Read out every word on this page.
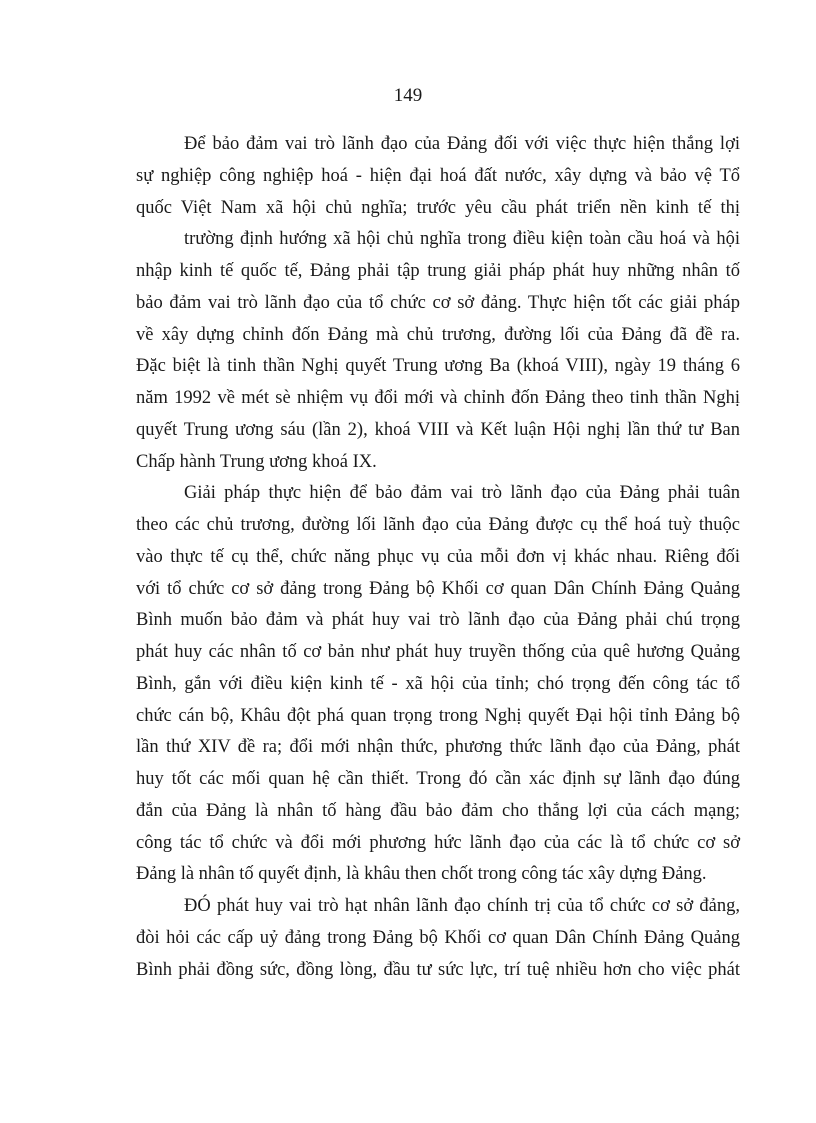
149
Để bảo đảm vai trò lãnh đạo của Đảng đối với việc thực hiện thắng lợi
sự nghiệp công nghiệp hoá - hiện đại hoá đất nước, xây dựng và bảo vệ Tổ
quốc Việt Nam xã hội chủ nghĩa; trước yêu cầu phát triển nền kinh tế thị
trường định hướng xã hội chủ nghĩa trong điều kiện toàn cầu hoá và hội
nhập kinh tế quốc tế, Đảng phải tập trung giải pháp phát huy những nhân tố
bảo đảm vai trò lãnh đạo của tổ chức cơ sở đảng. Thực hiện tốt các giải pháp
về xây dựng chỉnh đốn Đảng mà chủ trương, đường lối của Đảng đã đề ra.
Đặc biệt là tinh thần Nghị quyết Trung ương Ba (khoá VIII), ngày 19 tháng 6
năm 1992 về mét sè nhiệm vụ đổi mới và chỉnh đốn Đảng theo tinh thần Nghị
quyết Trung ương sáu (lần 2), khoá VIII và Kết luận Hội nghị lần thứ tư Ban
Chấp hành Trung ương khoá IX.
Giải pháp thực hiện để bảo đảm vai trò lãnh đạo của Đảng phải tuân
theo các chủ trương, đường lối lãnh đạo của Đảng được cụ thể hoá tuỳ thuộc
vào thực tế cụ thể, chức năng phục vụ của mỗi đơn vị khác nhau. Riêng đối
với tổ chức cơ sở đảng trong Đảng bộ Khối cơ quan Dân Chính Đảng Quảng
Bình muốn bảo đảm và phát huy vai trò lãnh đạo của Đảng phải chú trọng
phát huy các nhân tố cơ bản như phát huy truyền thống của quê hương Quảng
Bình, gắn với điều kiện kinh tế - xã hội của tỉnh; chó trọng đến công tác tổ
chức cán bộ, Khâu đột phá quan trọng trong Nghị quyết Đại hội tỉnh Đảng bộ
lần thứ XIV đề ra; đổi mới nhận thức, phương thức lãnh đạo của Đảng, phát
huy tốt các mối quan hệ cần thiết. Trong đó cần xác định sự lãnh đạo đúng
đắn của Đảng là nhân tố hàng đầu bảo đảm cho thắng lợi của cách mạng;
công tác tổ chức và đổi mới phương hức lãnh đạo của các là tổ chức cơ sở
Đảng là nhân tố quyết định, là khâu then chốt trong công tác xây dựng Đảng.
ĐÓ phát huy vai trò hạt nhân lãnh đạo chính trị của tổ chức cơ sở đảng,
đòi hỏi các cấp uỷ đảng trong Đảng bộ Khối cơ quan Dân Chính Đảng Quảng
Bình phải đồng sức, đồng lòng, đầu tư sức lực, trí tuệ nhiều hơn cho việc phát
